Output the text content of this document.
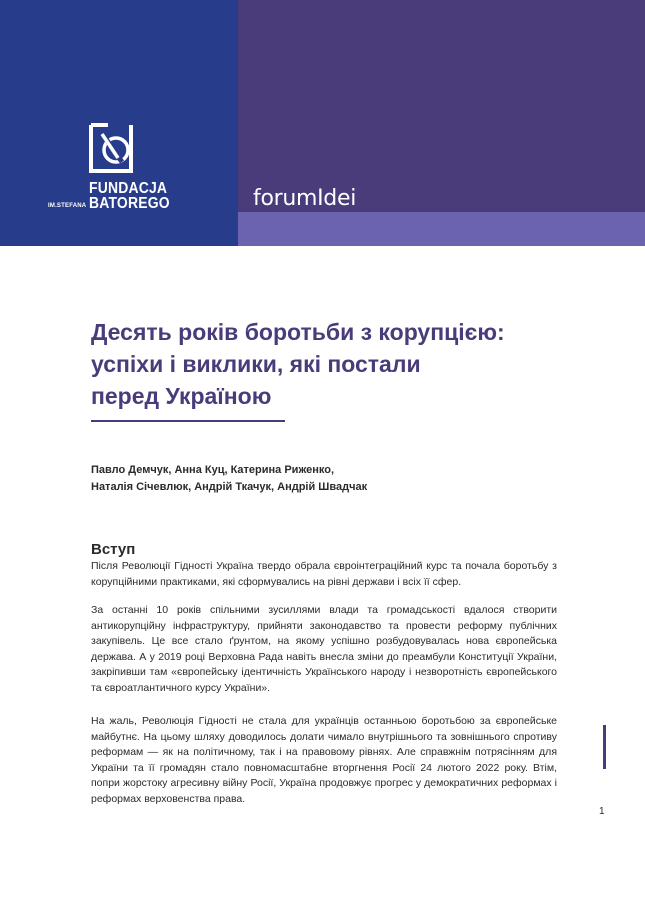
FUNDACJA
IM.STEFANA BATOREGO	forumIdei
Десять років боротьби з корупцією:
успіхи і виклики, які постали
перед Україною
Павло Демчук, Анна Куц, Катерина Риженко,
Наталія Січевлюк, Андрій Ткачук, Андрій Швадчак
Вступ

Після Революції Гідності Україна твердо обрала євроінтеграційний курс та почала боротьбу з корупційними практиками, які сформувались на рівні держави і всіх її сфер.

За останні 10 років спільними зусиллями влади та громадськості вдалося створити антикорупційну інфраструктуру, прийняти законодавство та провести реформу публічних закупівель. Це все стало ґрунтом, на якому успішно розбудовувалась нова європейська держава. А у 2019 році Верховна Рада навіть внесла зміни до преамбули Конституції України, закріпивши там «європейську ідентичність Українського народу і незворотність європейського та євроатлантичного курсу України».

На жаль, Революція Гідності не стала для українців останньою боротьбою за європейське майбутнє. На цьому шляху доводилось долати чимало внутрішнього та зовнішнього спротиву реформам — як на політичному, так і на правовому рівнях. Але справжнім потрясінням для України та її громадян стало повномасштабне вторгнення Росії 24 лютого 2022 року. Втім, попри жорстоку агресивну війну Росії, Україна продовжує прогрес у демократичних реформах і реформах верховенства права.

1
